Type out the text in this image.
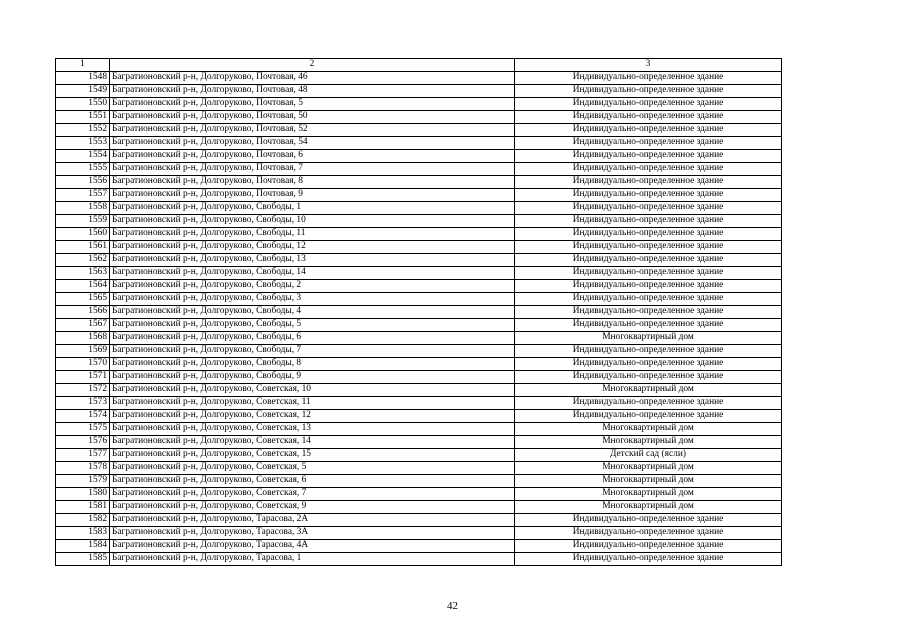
1	2	3
1548	Багратионовский р-н, Долгоруково, Почтовая, 46	Индивидуально-определенное здание
1549	Багратионовский р-н, Долгоруково, Почтовая, 48	Индивидуально-определенное здание
1550	Багратионовский р-н, Долгоруково, Почтовая, 5	Индивидуально-определенное здание
1551	Багратионовский р-н, Долгоруково, Почтовая, 50	Индивидуально-определенное здание
1552	Багратионовский р-н, Долгоруково, Почтовая, 52	Индивидуально-определенное здание
1553	Багратионовский р-н, Долгоруково, Почтовая, 54	Индивидуально-определенное здание
1554	Багратионовский р-н, Долгоруково, Почтовая, 6	Индивидуально-определенное здание
1555	Багратионовский р-н, Долгоруково, Почтовая, 7	Индивидуально-определенное здание
1556	Багратионовский р-н, Долгоруково, Почтовая, 8	Индивидуально-определенное здание
1557	Багратионовский р-н, Долгоруково, Почтовая, 9	Индивидуально-определенное здание
1558	Багратионовский р-н, Долгоруково, Свободы, 1	Индивидуально-определенное здание
1559	Багратионовский р-н, Долгоруково, Свободы, 10	Индивидуально-определенное здание
1560	Багратионовский р-н, Долгоруково, Свободы, 11	Индивидуально-определенное здание
1561	Багратионовский р-н, Долгоруково, Свободы, 12	Индивидуально-определенное здание
1562	Багратионовский р-н, Долгоруково, Свободы, 13	Индивидуально-определенное здание
1563	Багратионовский р-н, Долгоруково, Свободы, 14	Индивидуально-определенное здание
1564	Багратионовский р-н, Долгоруково, Свободы, 2	Индивидуально-определенное здание
1565	Багратионовский р-н, Долгоруково, Свободы, 3	Индивидуально-определенное здание
1566	Багратионовский р-н, Долгоруково, Свободы, 4	Индивидуально-определенное здание
1567	Багратионовский р-н, Долгоруково, Свободы, 5	Индивидуально-определенное здание
1568	Багратионовский р-н, Долгоруково, Свободы, 6	Многоквартирный дом
1569	Багратионовский р-н, Долгоруково, Свободы, 7	Индивидуально-определенное здание
1570	Багратионовский р-н, Долгоруково, Свободы, 8	Индивидуально-определенное здание
1571	Багратионовский р-н, Долгоруково, Свободы, 9	Индивидуально-определенное здание
1572	Багратионовский р-н, Долгоруково, Советская, 10	Многоквартирный дом
1573	Багратионовский р-н, Долгоруково, Советская, 11	Индивидуально-определенное здание
1574	Багратионовский р-н, Долгоруково, Советская, 12	Индивидуально-определенное здание
1575	Багратионовский р-н, Долгоруково, Советская, 13	Многоквартирный дом
1576	Багратионовский р-н, Долгоруково, Советская, 14	Многоквартирный дом
1577	Багратионовский р-н, Долгоруково, Советская, 15	Детский сад (ясли)
1578	Багратионовский р-н, Долгоруково, Советская, 5	Многоквартирный дом
1579	Багратионовский р-н, Долгоруково, Советская, 6	Многоквартирный дом
1580	Багратионовский р-н, Долгоруково, Советская, 7	Многоквартирный дом
1581	Багратионовский р-н, Долгоруково, Советская, 9	Многоквартирный дом
1582	Багратионовский р-н, Долгоруково, Тарасова, 2А	Индивидуально-определенное здание
1583	Багратионовский р-н, Долгоруково, Тарасова, 3А	Индивидуально-определенное здание
1584	Багратионовский р-н, Долгоруково, Тарасова, 4А	Индивидуально-определенное здание
1585	Багратионовский р-н, Долгоруково, Тарасова, 1	Индивидуально-определенное здание
42
